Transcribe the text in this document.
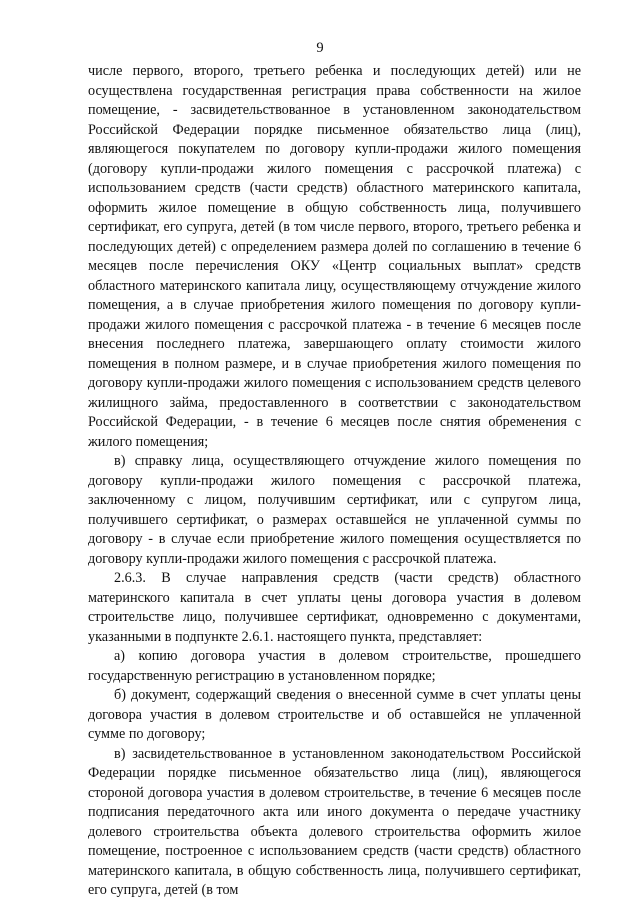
9

числе первого, второго, третьего ребенка и последующих детей) или не осуществлена государственная регистрация права собственности на жилое помещение, - засвидетельствованное в установленном законодательством Российской Федерации порядке письменное обязательство лица (лиц), являющегося покупателем по договору купли-продажи жилого помещения (договору купли-продажи жилого помещения с рассрочкой платежа) с использованием средств (части средств) областного материнского капитала, оформить жилое помещение в общую собственность лица, получившего сертификат, его супруга, детей (в том числе первого, второго, третьего ребенка и последующих детей) с определением размера долей по соглашению в течение 6 месяцев после перечисления ОКУ «Центр социальных выплат» средств областного материнского капитала лицу, осуществляющему отчуждение жилого помещения, а в случае приобретения жилого помещения по договору купли-продажи жилого помещения с рассрочкой платежа - в течение 6 месяцев после внесения последнего платежа, завершающего оплату стоимости жилого помещения в полном размере, и в случае приобретения жилого помещения по договору купли-продажи жилого помещения с использованием средств целевого жилищного займа, предоставленного в соответствии с законодательством Российской Федерации, - в течение 6 месяцев после снятия обременения с жилого помещения;

в) справку лица, осуществляющего отчуждение жилого помещения по договору купли-продажи жилого помещения с рассрочкой платежа, заключенному с лицом, получившим сертификат, или с супругом лица, получившего сертификат, о размерах оставшейся не уплаченной суммы по договору - в случае если приобретение жилого помещения осуществляется по договору купли-продажи жилого помещения с рассрочкой платежа.

2.6.3. В случае направления средств (части средств) областного материнского капитала в счет уплаты цены договора участия в долевом строительстве лицо, получившее сертификат, одновременно с документами, указанными в подпункте 2.6.1. настоящего пункта, представляет:

а) копию договора участия в долевом строительстве, прошедшего государственную регистрацию в установленном порядке;

б) документ, содержащий сведения о внесенной сумме в счет уплаты цены договора участия в долевом строительстве и об оставшейся не уплаченной сумме по договору;

в) засвидетельствованное в установленном законодательством Российской Федерации порядке письменное обязательство лица (лиц), являющегося стороной договора участия в долевом строительстве, в течение 6 месяцев после подписания передаточного акта или иного документа о передаче участнику долевого строительства объекта долевого строительства оформить жилое помещение, построенное с использованием средств (части средств) областного материнского капитала, в общую собственность лица, получившего сертификат, его супруга, детей (в том
